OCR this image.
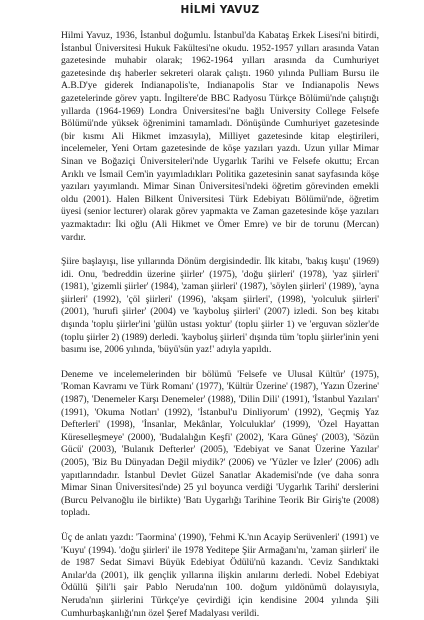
HİLMİ YAVUZ

Hilmi Yavuz, 1936, İstanbul doğumlu. İstanbul'da Kabataş Erkek Lisesi'ni bitirdi, İstanbul Üniversitesi Hukuk Fakültesi'ne okudu. 1952-1957 yılları arasında Vatan gazetesinde muhabir olarak; 1962-1964 yılları arasında da Cumhuriyet gazetesinde dış haberler sekreteri olarak çalıştı. 1960 yılında Pulliam Bursu ile A.B.D'ye giderek Indianapolis'te, Indianapolis Star ve Indianapolis News gazetelerinde görev yaptı. İngiltere'de BBC Radyosu Türkçe Bölümü'nde çalıştığı yıllarda (1964-1969) Londra Üniversitesi'ne bağlı University College Felsefe Bölümü'nde yüksek öğrenimini tamamladı. Dönüşünde Cumhuriyet gazetesinde (bir kısmı Ali Hikmet imzasıyla), Milliyet gazetesinde kitap eleştirileri, incelemeler, Yeni Ortam gazetesinde de köşe yazıları yazdı. Uzun yıllar Mimar Sinan ve Boğaziçi Üniversiteleri'nde Uygarlık Tarihi ve Felsefe okuttu; Ercan Arıklı ve İsmail Cem'in yayımladıkları Politika gazetesinin sanat sayfasında köşe yazıları yayımlandı. Mimar Sinan Üniversitesi'ndeki öğretim görevinden emekli oldu (2001). Halen Bilkent Üniversitesi Türk Edebiyatı Bölümü'nde, öğretim üyesi (senior lecturer) olarak görev yapmakta ve Zaman gazetesinde köşe yazıları yazmaktadır: İki oğlu (Ali Hikmet ve Ömer Emre) ve bir de torunu (Mercan) vardır.

Şiire başlayışı, lise yıllarında Dönüm dergisindedir. İlk kitabı, 'bakış kuşu' (1969) idi. Onu, 'bedreddin üzerine şiirler' (1975), 'doğu şiirleri' (1978), 'yaz şiirleri' (1981), 'gizemli şiirler' (1984), 'zaman şiirleri' (1987), 'söylen şiirleri' (1989), 'ayna şiirleri' (1992), 'çöl şiirleri' (1996), 'akşam şiirleri', (1998), 'yolculuk şiirleri' (2001), 'hurufi şiirler' (2004) ve 'kayboluş şiirleri' (2007) izledi. Son beş kitabı dışında 'toplu şiirler'ini 'gülün ustası yoktur' (toplu şiirler 1) ve 'erguvan sözler'de (toplu şiirler 2) (1989) derledi. 'kayboluş şiirleri' dışında tüm 'toplu şiirler'inin yeni basımı ise, 2006 yılında, 'büyü'sün yaz!' adıyla yapıldı.

Deneme ve incelemelerinden bir bölümü 'Felsefe ve Ulusal Kültür' (1975), 'Roman Kavramı ve Türk Romanı' (1977), 'Kültür Üzerine' (1987), 'Yazın Üzerine' (1987), 'Denemeler Karşı Denemeler' (1988), 'Dilin Dili' (1991), 'İstanbul Yazıları' (1991), 'Okuma Notları' (1992), 'İstanbul'u Dinliyorum' (1992), 'Geçmiş Yaz Defterleri' (1998), 'İnsanlar, Mekânlar, Yolculuklar' (1999), 'Özel Hayattan Küreselleşmeye' (2000), 'Budalalığın Keşfi' (2002), 'Kara Güneş' (2003), 'Sözün Gücü' (2003), 'Bulanık Defterler' (2005), 'Edebiyat ve Sanat Üzerine Yazılar' (2005), 'Biz Bu Dünyadan Değil miydik?' (2006) ve 'Yüzler ve İzler' (2006) adlı yapıtlarındadır. İstanbul Devlet Güzel Sanatlar Akademisi'nde (ve daha sonra Mimar Sinan Üniversitesi'nde) 25 yıl boyunca verdiği 'Uygarlık Tarihi' derslerini (Burcu Pelvanoğlu ile birlikte) 'Batı Uygarlığı Tarihine Teorik Bir Giriş'te (2008) topladı.

Üç de anlatı yazdı: 'Taormina' (1990), 'Fehmi K.'nın Acayip Serüvenleri' (1991) ve 'Kuyu' (1994). 'doğu şiirleri' ile 1978 Yeditepe Şiir Armağanı'nı, 'zaman şiirleri' ile de 1987 Sedat Simavi Büyük Edebiyat Ödülü'nü kazandı. 'Ceviz Sandıktaki Anılar'da (2001), ilk gençlik yıllarına ilişkin anılarını derledi. Nobel Edebiyat Ödüllü Şili'li şair Pablo Neruda'nın 100. doğum yıldönümü dolayısıyla, Neruda'nın şiirlerini Türkçe'ye çevirdiği için kendisine 2004 yılında Şili Cumhurbaşkanlığı'nın özel Şeref Madalyası verildi.
